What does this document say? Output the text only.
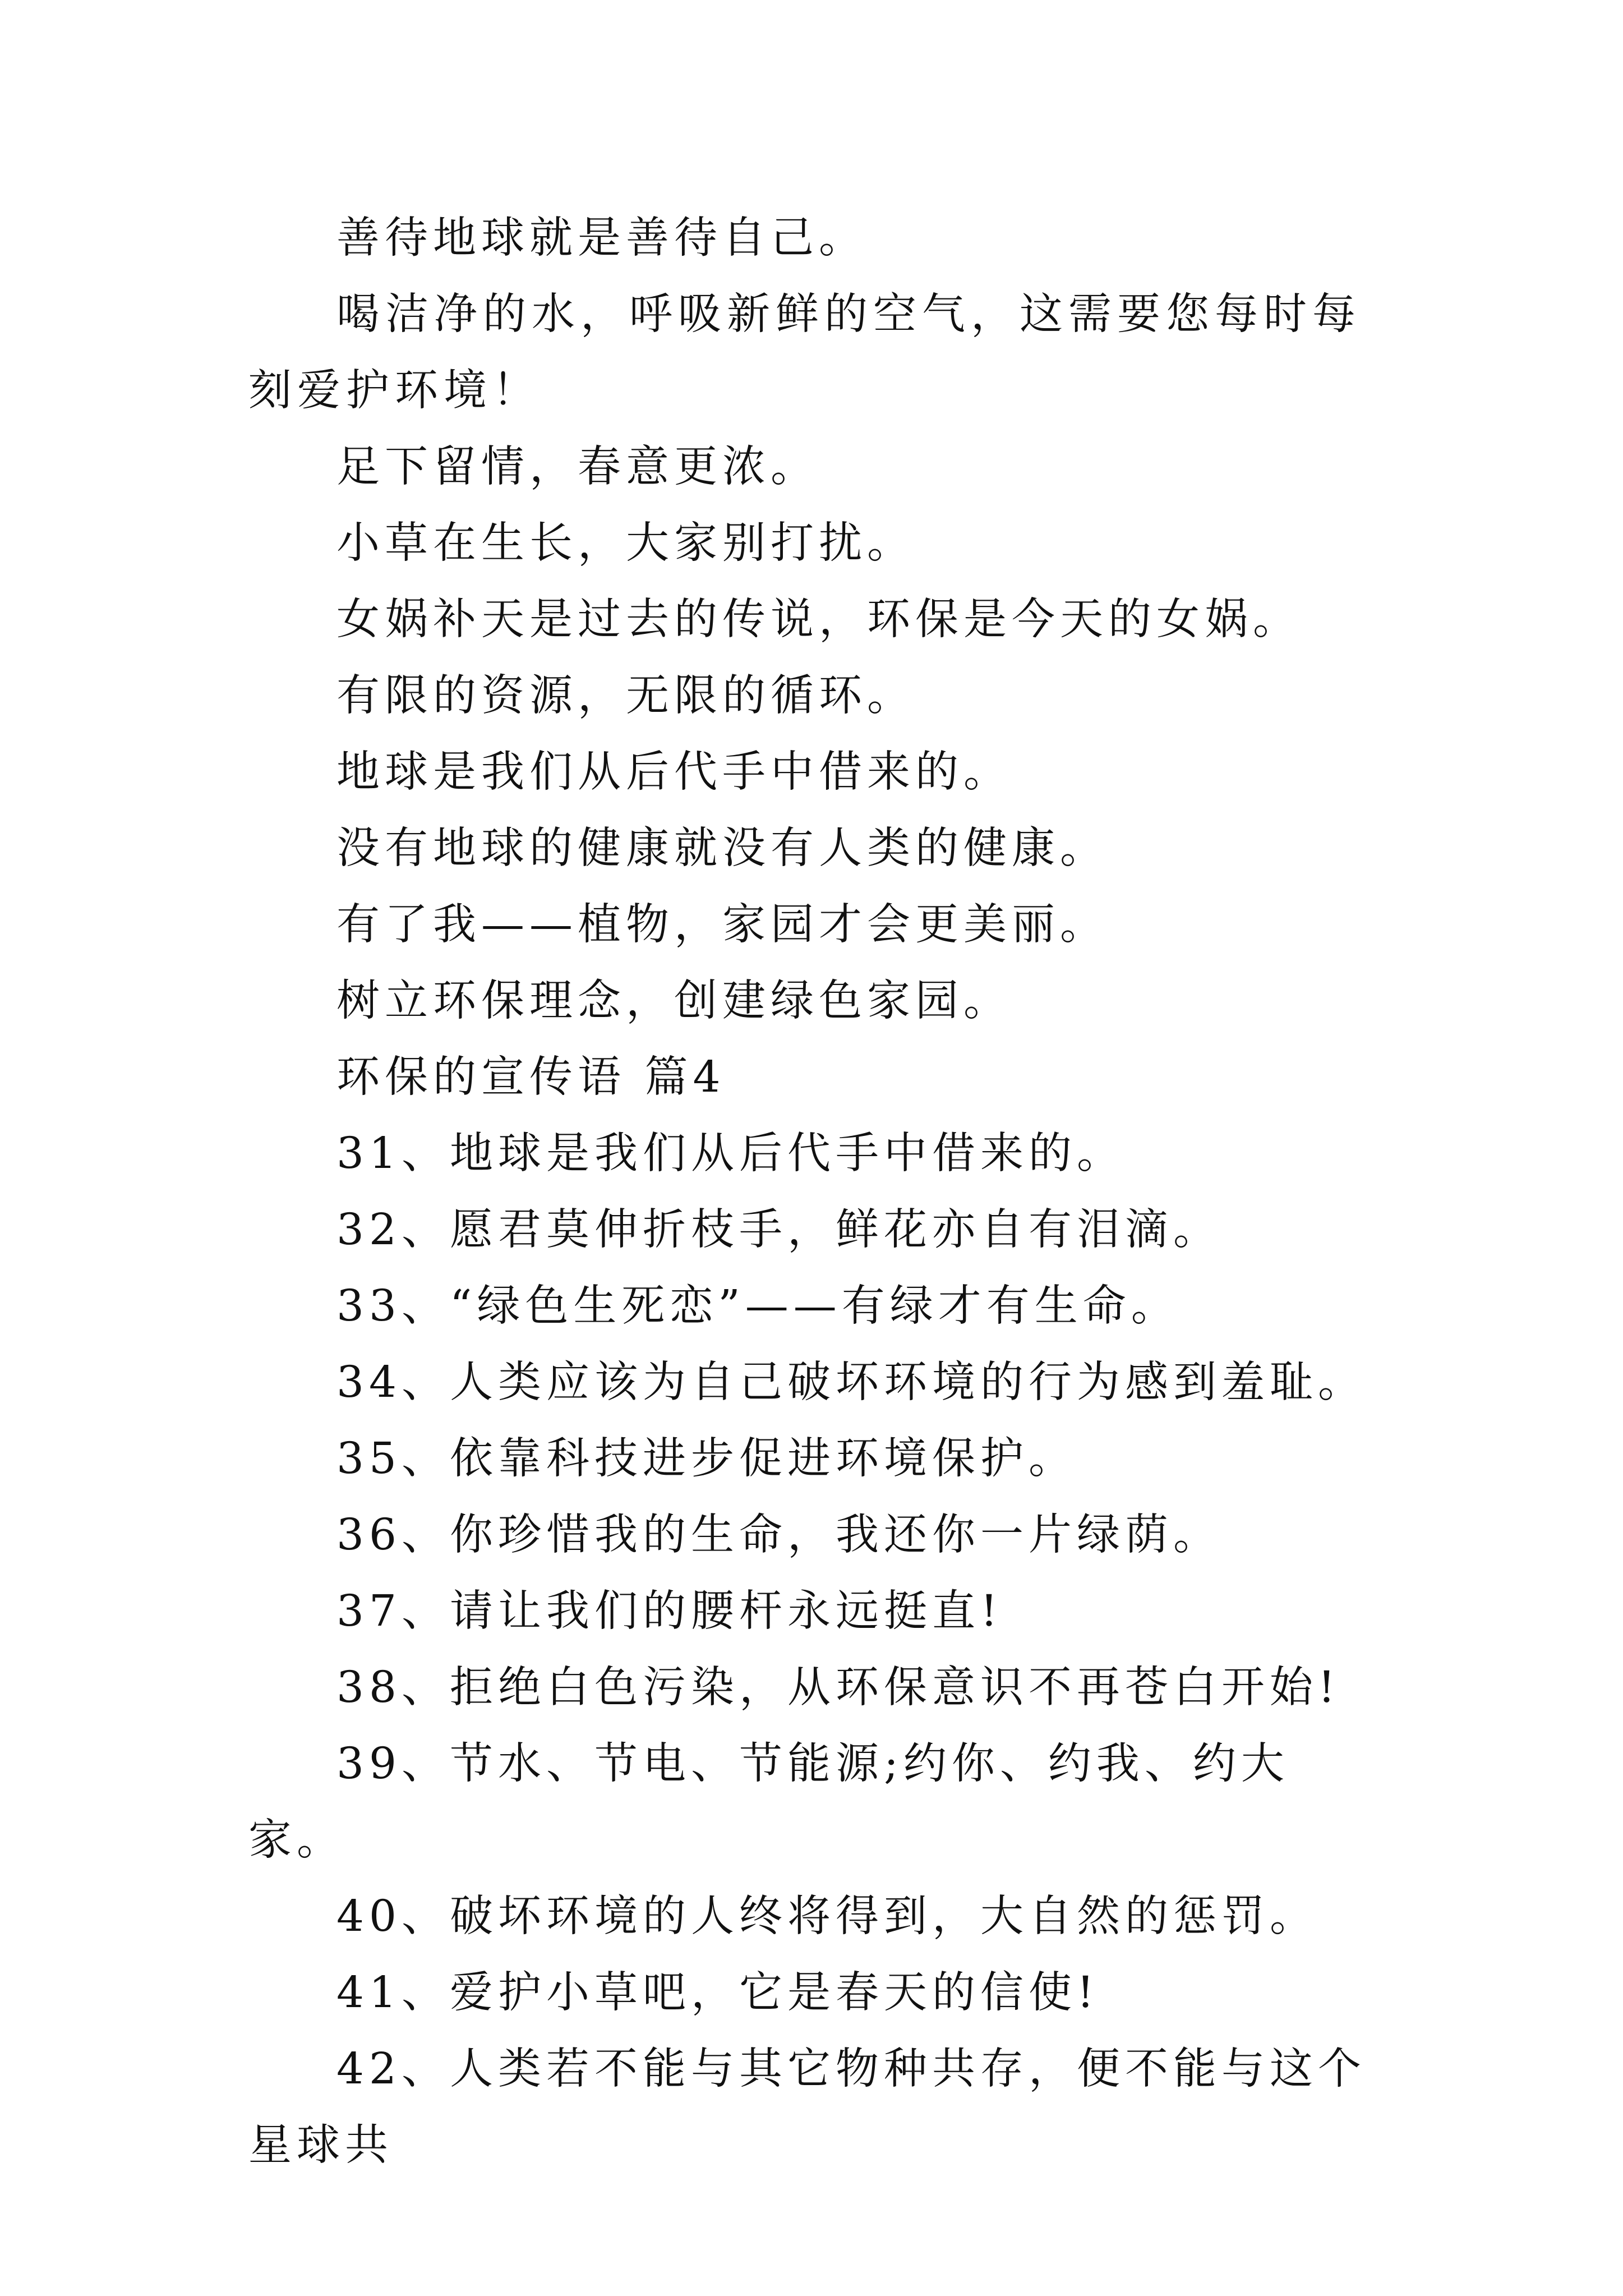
善待地球就是善待自己。

喝洁净的水，呼吸新鲜的空气，这需要您每时每刻爱护环境！

足下留情，春意更浓。

小草在生长，大家别打扰。

女娲补天是过去的传说，环保是今天的女娲。

有限的资源，无限的循环。

地球是我们从后代手中借来的。

没有地球的健康就没有人类的健康。

有了我——植物，家园才会更美丽。

树立环保理念，创建绿色家园。

环保的宣传语 篇4

31、地球是我们从后代手中借来的。

32、愿君莫伸折枝手，鲜花亦自有泪滴。

33、“绿色生死恋”——有绿才有生命。

34、人类应该为自己破坏环境的行为感到羞耻。

35、依靠科技进步促进环境保护。

36、你珍惜我的生命，我还你一片绿荫。

37、请让我们的腰杆永远挺直!

38、拒绝白色污染，从环保意识不再苍白开始!

39、节水、节电、节能源;约你、约我、约大家。

40、破坏环境的人终将得到，大自然的惩罚。

41、爱护小草吧，它是春天的信使!

42、人类若不能与其它物种共存，便不能与这个星球共
